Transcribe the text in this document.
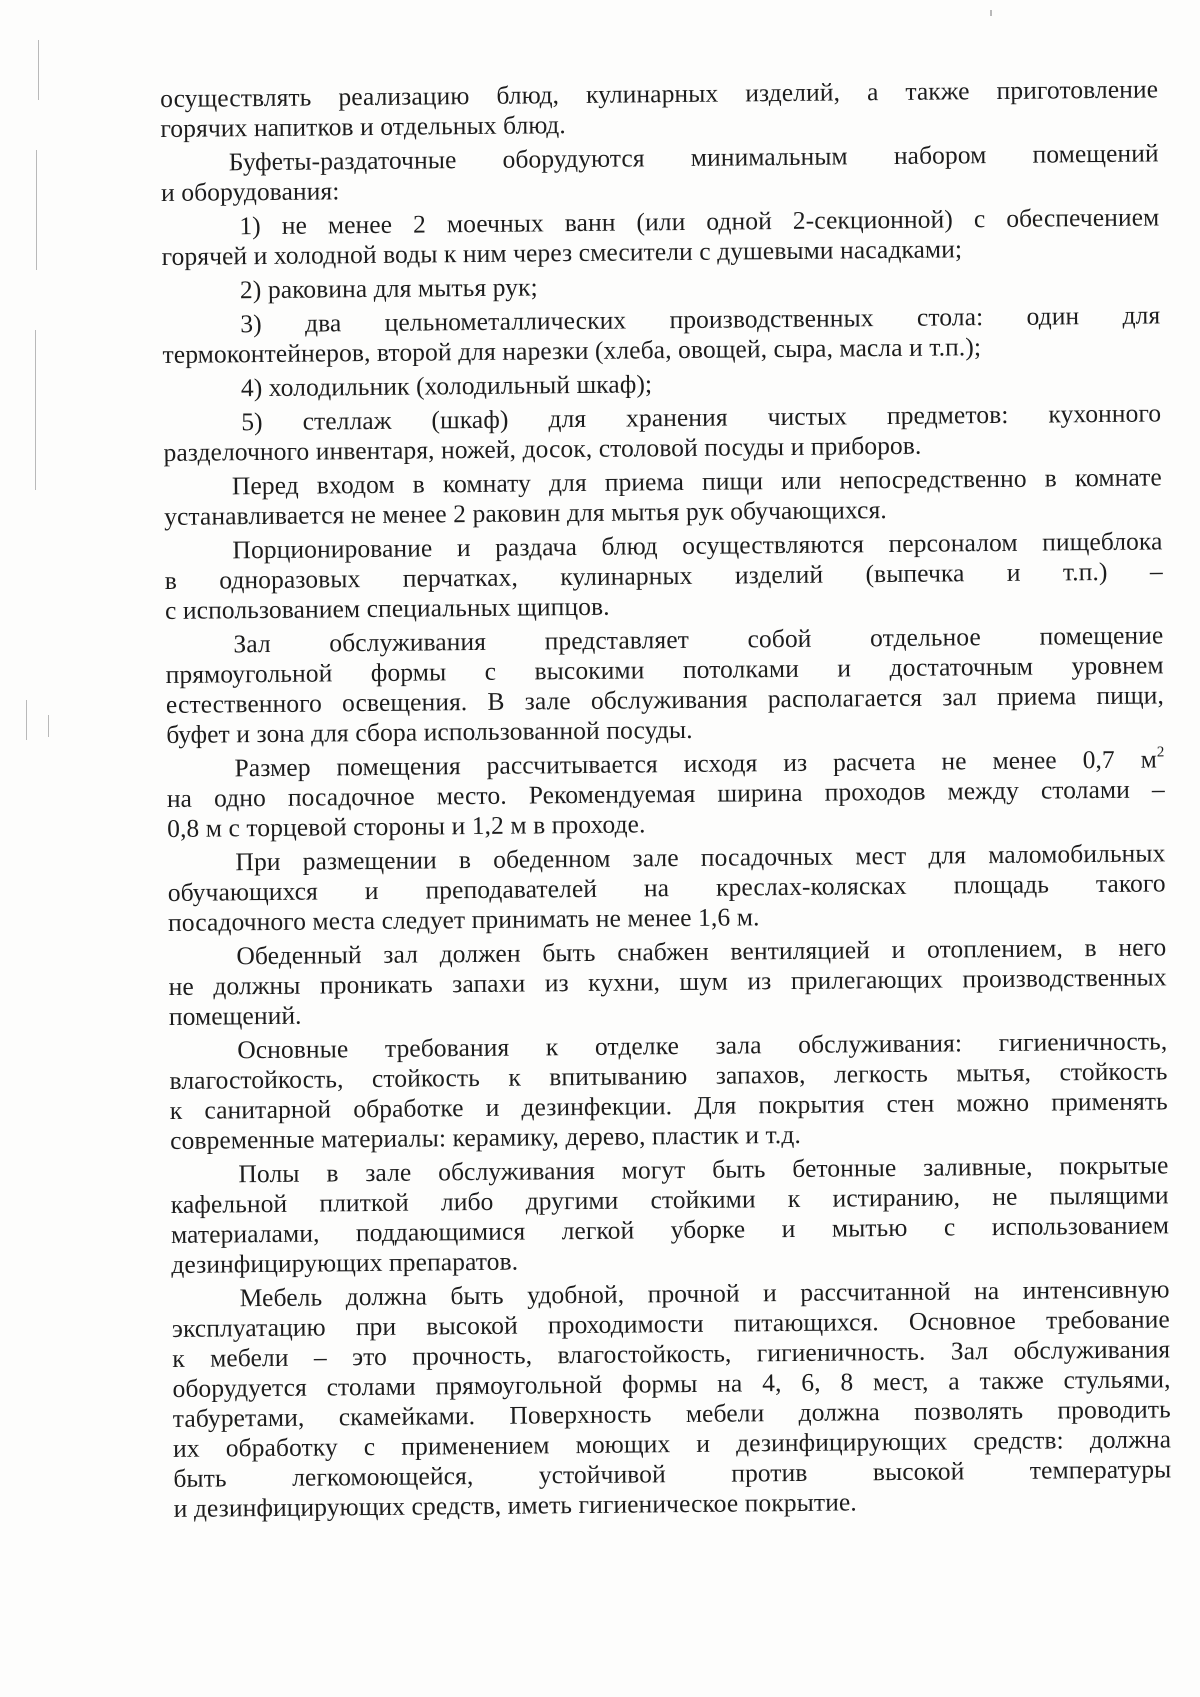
осуществлять реализацию блюд, кулинарных изделий, а также приготовление
горячих напитков и отдельных блюд.
Буфеты-раздаточные оборудуются минимальным набором помещений
и оборудования:
1) не менее 2 моечных ванн (или одной 2-секционной) с обеспечением
горячей и холодной воды к ним через смесители с душевыми насадками;
2) раковина для мытья рук;
3) два цельнометаллических производственных стола: один для
термоконтейнеров, второй для нарезки (хлеба, овощей, сыра, масла и т.п.);
4) холодильник (холодильный шкаф);
5) стеллаж (шкаф) для хранения чистых предметов: кухонного
разделочного инвентаря, ножей, досок, столовой посуды и приборов.
Перед входом в комнату для приема пищи или непосредственно в комнате
устанавливается не менее 2 раковин для мытья рук обучающихся.
Порционирование и раздача блюд осуществляются персоналом пищеблока
в одноразовых перчатках, кулинарных изделий (выпечка и т.п.) –
с использованием специальных щипцов.
Зал обслуживания представляет собой отдельное помещение
прямоугольной формы с высокими потолками и достаточным уровнем
естественного освещения. В зале обслуживания располагается зал приема пищи,
буфет и зона для сбора использованной посуды.
Размер помещения рассчитывается исходя из расчета не менее 0,7 $м^2$
на одно посадочное место. Рекомендуемая ширина проходов между столами –
0,8 м с торцевой стороны и 1,2 м в проходе.
При размещении в обеденном зале посадочных мест для маломобильных
обучающихся и преподавателей на креслах-колясках площадь такого
посадочного места следует принимать не менее 1,6 м.
Обеденный зал должен быть снабжен вентиляцией и отоплением, в него
не должны проникать запахи из кухни, шум из прилегающих производственных
помещений.
Основные требования к отделке зала обслуживания: гигиеничность,
влагостойкость, стойкость к впитыванию запахов, легкость мытья, стойкость
к санитарной обработке и дезинфекции. Для покрытия стен можно применять
современные материалы: керамику, дерево, пластик и т.д.
Полы в зале обслуживания могут быть бетонные заливные, покрытые
кафельной плиткой либо другими стойкими к истиранию, не пылящими
материалами, поддающимися легкой уборке и мытью с использованием
дезинфицирующих препаратов.
Мебель должна быть удобной, прочной и рассчитанной на интенсивную
эксплуатацию при высокой проходимости питающихся. Основное требование
к мебели – это прочность, влагостойкость, гигиеничность. Зал обслуживания
оборудуется столами прямоугольной формы на 4, 6, 8 мест, а также стульями,
табуретами, скамейками. Поверхность мебели должна позволять проводить
их обработку с применением моющих и дезинфицирующих средств: должна
быть легкомоющейся, устойчивой против высокой температуры
и дезинфицирующих средств, иметь гигиеническое покрытие.
